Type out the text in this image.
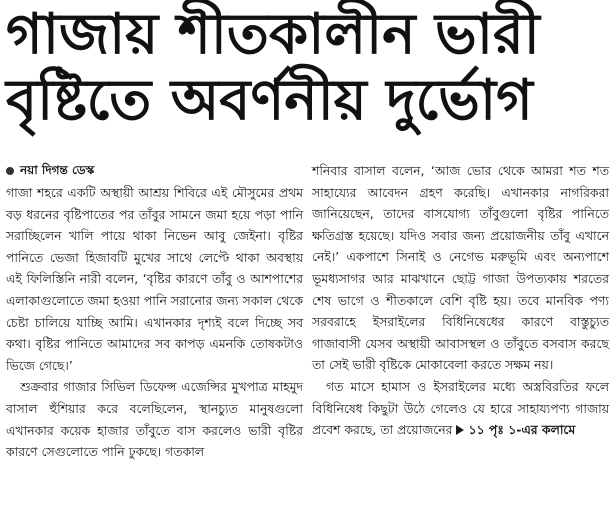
গাজায় শীতকালীন ভারী
বৃষ্টিতে অবর্ণনীয় দুর্ভোগ
নয়া দিগন্ত ডেস্ক

গাজা শহরে একটি অস্থায়ী আশ্রয় শিবিরে এই মৌসুমের প্রথম বড় ধরনের বৃষ্টিপাতের পর তাঁবুর সামনে জমা হয়ে পড়া পানি সরাচ্ছিলেন খালি পায়ে থাকা নিভেন আবু জেইনা। বৃষ্টির পানিতে ভেজা হিজাবটি মুখের সাথে লেপ্টে থাকা অবস্থায় এই ফিলিস্তিনি নারী বলেন, ‘বৃষ্টির কারণে তাঁবু ও আশপাশের এলাকাগুলোতে জমা হওয়া পানি সরানোর জন্য সকাল থেকে চেষ্টা চালিয়ে যাচ্ছি আমি। এখানকার দৃশ্যই বলে দিচ্ছে সব কথা। বৃষ্টির পানিতে আমাদের সব কাপড় এমনকি তোষকটাও ভিজে গেছে।’

শুক্রবার গাজার সিভিল ডিফেন্স এজেন্সির মুখপাত্র মাহমুদ বাসাল হুঁশিয়ার করে বলেছিলেন, স্থানচ্যুত মানুষগুলো এখানকার কয়েক হাজার তাঁবুতে বাস করলেও ভারী বৃষ্টির কারণে সেগুলোতে পানি ঢুকছে। গতকাল

শনিবার বাসাল বলেন, ‘আজ ভোর থেকে আমরা শত শত সাহায্যের আবেদন গ্রহণ করেছি। এখানকার নাগরিকরা জানিয়েছেন, তাদের বাসযোগ্য তাঁবুগুলো বৃষ্টির পানিতে ক্ষতিগ্রস্ত হয়েছে। যদিও সবার জন্য প্রয়োজনীয় তাঁবু এখানে নেই।’ একপাশে সিনাই ও নেগেভ মরুভূমি এবং অন্যপাশে ভূমধ্যসাগর আর মাঝখানে ছোট্ট গাজা উপত্যকায় শরতের শেষ ভাগে ও শীতকালে বেশি বৃষ্টি হয়। তবে মানবিক পণ্য সরবরাহে ইসরাইলের বিধিনিষেধের কারণে বাস্তুচ্যুত গাজাবাসী যেসব অস্থায়ী আবাসস্থল ও তাঁবুতে বসবাস করছে তা সেই ভারী বৃষ্টিকে মোকাবেলা করতে সক্ষম নয়।

গত মাসে হামাস ও ইসরাইলের মধ্যে অস্ত্রবিরতির ফলে বিধিনিষেধ কিছুটা উঠে গেলেও যে হারে সাহায্যপণ্য গাজায় প্রবেশ করছে, তা প্রয়োজনের ১১ পৃঃ ১-এর কলামে
